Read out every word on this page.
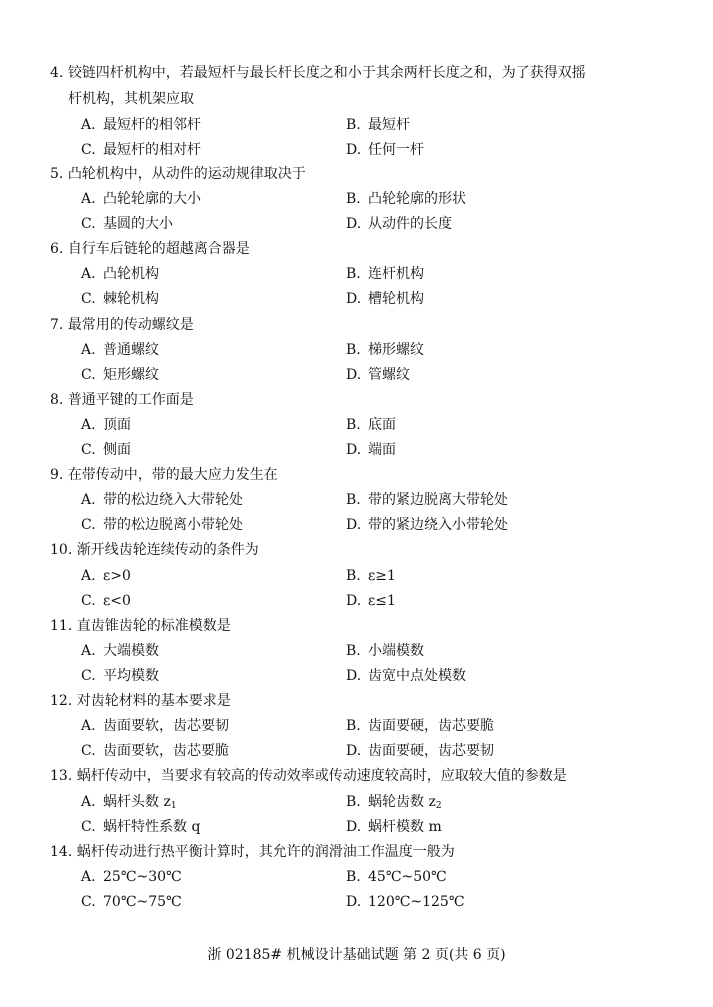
4. 铰链四杆机构中，若最短杆与最长杆长度之和小于其余两杆长度之和，为了获得双摇
杆机构，其机架应取
A. 最短杆的相邻杆	B. 最短杆
C. 最短杆的相对杆	D. 任何一杆
5. 凸轮机构中，从动件的运动规律取决于
A. 凸轮轮廓的大小	B. 凸轮轮廓的形状
C. 基圆的大小	D. 从动件的长度
6. 自行车后链轮的超越离合器是
A. 凸轮机构	B. 连杆机构
C. 棘轮机构	D. 槽轮机构
7. 最常用的传动螺纹是
A. 普通螺纹	B. 梯形螺纹
C. 矩形螺纹	D. 管螺纹
8. 普通平键的工作面是
A. 顶面	B. 底面
C. 侧面	D. 端面
9. 在带传动中，带的最大应力发生在
A. 带的松边绕入大带轮处	B. 带的紧边脱离大带轮处
C. 带的松边脱离小带轮处	D. 带的紧边绕入小带轮处
10. 渐开线齿轮连续传动的条件为
A. ε>0	B. ε≥1
C. ε<0	D. ε≤1
11. 直齿锥齿轮的标准模数是
A. 大端模数	B. 小端模数
C. 平均模数	D. 齿宽中点处模数
12. 对齿轮材料的基本要求是
A. 齿面要软，齿芯要韧	B. 齿面要硬，齿芯要脆
C. 齿面要软，齿芯要脆	D. 齿面要硬，齿芯要韧
13. 蜗杆传动中，当要求有较高的传动效率或传动速度较高时，应取较大值的参数是
A. 蜗杆头数 $z_1$	B. 蜗轮齿数 $z_2$
C. 蜗杆特性系数 q	D. 蜗杆模数 m
14. 蜗杆传动进行热平衡计算时，其允许的润滑油工作温度一般为
A. 25℃~30℃	B. 45℃~50℃
C. 70℃~75℃	D. 120℃~125℃
浙 02185# 机械设计基础试题 第 2 页(共 6 页)
